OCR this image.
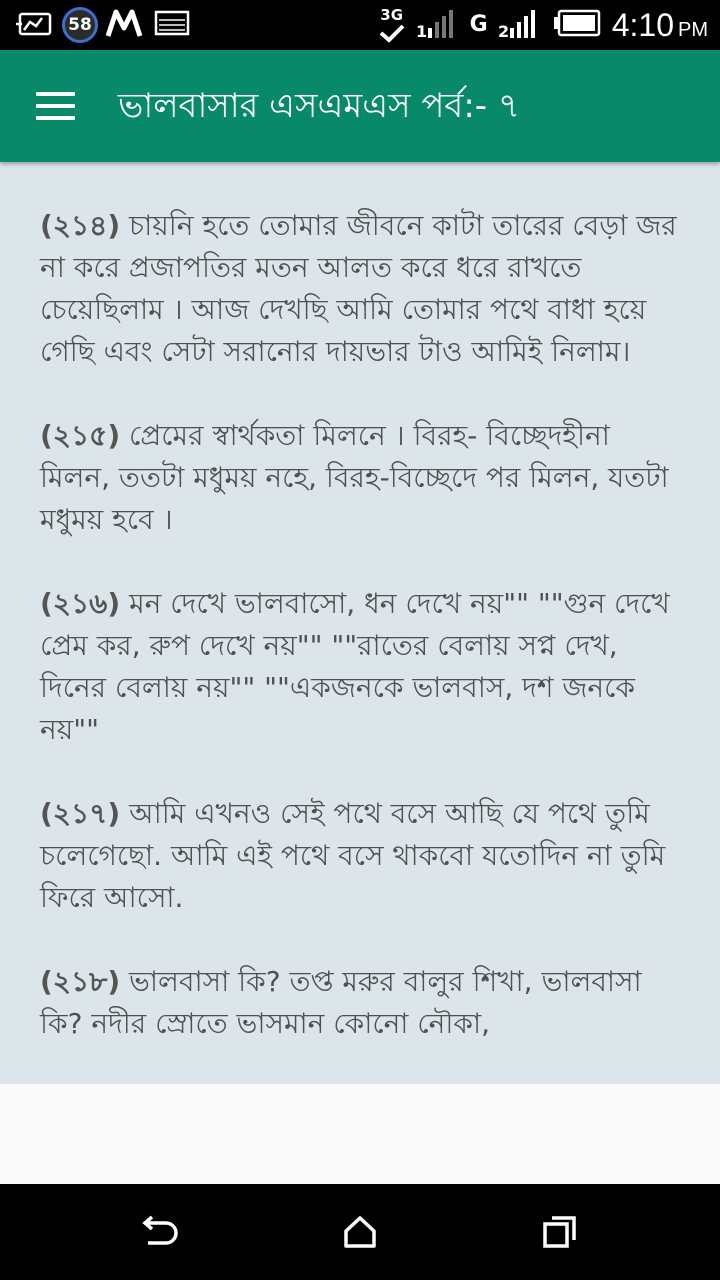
58
3G
1 G 2	4:10 PM
ভালবাসার এসএমএস পর্ব:- ৭

(২১৪) চায়নি হতে তোমার জীবনে কাটা তারের বেড়া জর না করে প্রজাপতির মতন আলত করে ধরে রাখতে চেয়েছিলাম । আজ দেখছি আমি তোমার পথে বাধা হয়ে গেছি এবং সেটা সরানোর দায়ভার টাও আমিই নিলাম।

(২১৫) প্রেমের স্বার্থকতা মিলনে । বিরহ- বিচ্ছেদহীনা মিলন, ততটা মধুময় নহে, বিরহ-বিচ্ছেদে পর মিলন, যতটা মধুময় হবে ।

(২১৬) মন দেখে ভালবাসো, ধন দেখে নয়"" ""গুন দেখে প্রেম কর, রুপ দেখে নয়"" ""রাতের বেলায় সপ্ন দেখ, দিনের বেলায় নয়"" ""একজনকে ভালবাস, দশ জনকে নয়""

(২১৭) আমি এখনও সেই পথে বসে আছি যে পথে তুমি চলেগেছো. আমি এই পথে বসে থাকবো যতোদিন না তুমি ফিরে আসো.

(২১৮) ভালবাসা কি? তপ্ত মরুর বালুর শিখা, ভালবাসা কি? নদীর স্রোতে ভাসমান কোনো নৌকা,
